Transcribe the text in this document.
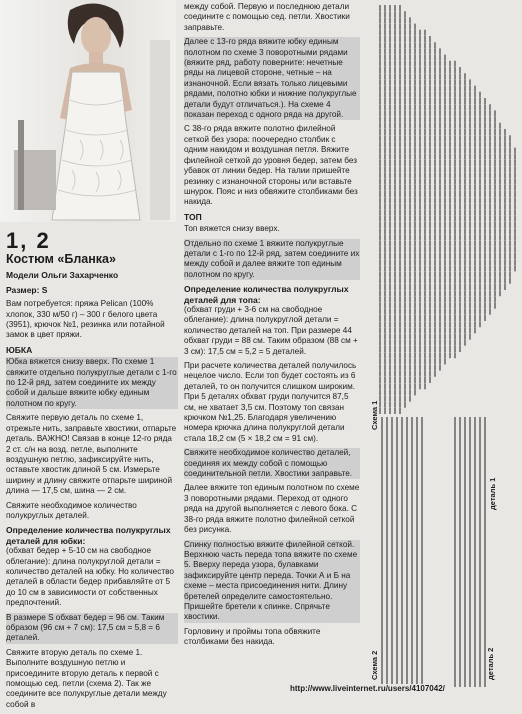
1, 2
Костюм «Бланка»

Модели Ольги Захарченко

Размер: S

Вам потребуется: пряжа Pelican (100% хлопок, 330 м/50 г) – 300 г белого цвета (3951), крючок №1, резинка или потайной замок в цвет пряжи.

ЮБКА

Юбка вяжется снизу вверх. По схеме 1 свяжите отдельно полукруглые детали с 1-го по 12-й ряд, затем соедините их между собой и дальше вяжите юбку единым полотном по кругу.

Свяжите первую деталь по схеме 1, отрежьте нить, заправьте хвостики, отпарьте деталь. ВАЖНО! Связав в конце 12-го ряда 2 ст. с/н на возд. петле, выполните воздушную петлю, зафиксируйте нить, оставьте хвостик длиной 5 см. Измерьте ширину и длину свяжите отпарьте шириной длина — 17,5 см, шина — 2 см.

Свяжите необходимое количество полукруглых деталей.

Определение количества полукруглых деталей для юбки:

(обхват бедер + 5-10 см на свободное облегание): длина полукруглой детали = количество деталей на юбку. Но количество деталей в области бедер прибавляйте от 5 до 10 см в зависимости от собственных предпочтений.

В размере S обхват бедер = 96 см. Таким образом (96 см + 7 см): 17,5 см = 5,8 = 6 деталей.

Свяжите вторую деталь по схеме 1. Выполните воздушную петлю и присоедините вторую деталь к первой с помощью сед. петли (схема 2). Так же соедините все полукруглые детали между собой в

между собой. Первую и последнюю детали соедините с помощью сед. петли. Хвостики заправьте.

Далее с 13-го ряда вяжите юбку единым полотном по схеме 3 поворотными рядами (вяжите ряд, работу поверните: нечетные ряды на лицевой стороне, четные – на изнаночной. Если вязать только лицевыми рядами, полотно юбки и нижние полукруглые детали будут отличаться.). На схеме 4 показан переход с одного ряда на другой.

С 38-го ряда вяжите полотно филейной сеткой без узора: поочередно столбик с одним накидом и воздушная петля. Вяжите филейной сеткой до уровня бедер, затем без убавок от линии бедер. На талии пришейте резинку с изнаночной стороны или вставьте шнурок. Пояс и низ обвяжите столбиками без накида.

ТОП

Топ вяжется снизу вверх.

Отдельно по схеме 1 вяжите полукруглые детали с 1-го по 12-й ряд, затем соедините их между собой и далее вяжите топ единым полотном по кругу.

Определение количества полукруглых деталей для топа:

(обхват груди + 3-6 см на свободное облегание): длина полукруглой детали = количество деталей на топ. При размере 44 обхват груди = 88 см. Таким образом (88 см + 3 см): 17,5 см = 5,2 = 5 деталей.

При расчете количества деталей получилось нецелое число. Если топ будет состоять из 6 деталей, то он получится слишком широким. При 5 деталях обхват груди получится 87,5 см, не хватает 3,5 см. Поэтому топ связан крючком №1,25. Благодаря увеличению номера крючка длина полукруглой детали стала 18,2 см (5 × 18,2 см = 91 см).

Свяжите необходимое количество деталей, соединяя их между собой с помощью соединительной петли. Хвостики заправьте.

Далее вяжите топ единым полотном по схеме 3 поворотными рядами. Переход от одного ряда на другой выполняется с левого бока. С 38-го ряда вяжите полотно филейной сеткой без рисунка.

Спинку полностью вяжите филейной сеткой. Верхнюю часть переда топа вяжите по схеме 5. Вверху переда узора, булавками зафиксируйте центр переда. Точки А и Б на схеме – места присоединения нити. Длину бретелей определите самостоятельно. Пришейте бретели к спинке. Спрячьте хвостики.

Горловину и проймы топа обвяжите столбиками без накида.

Схема 1
Схема 2
деталь 1
деталь 2
http://www.liveinternet.ru/users/4107042/
